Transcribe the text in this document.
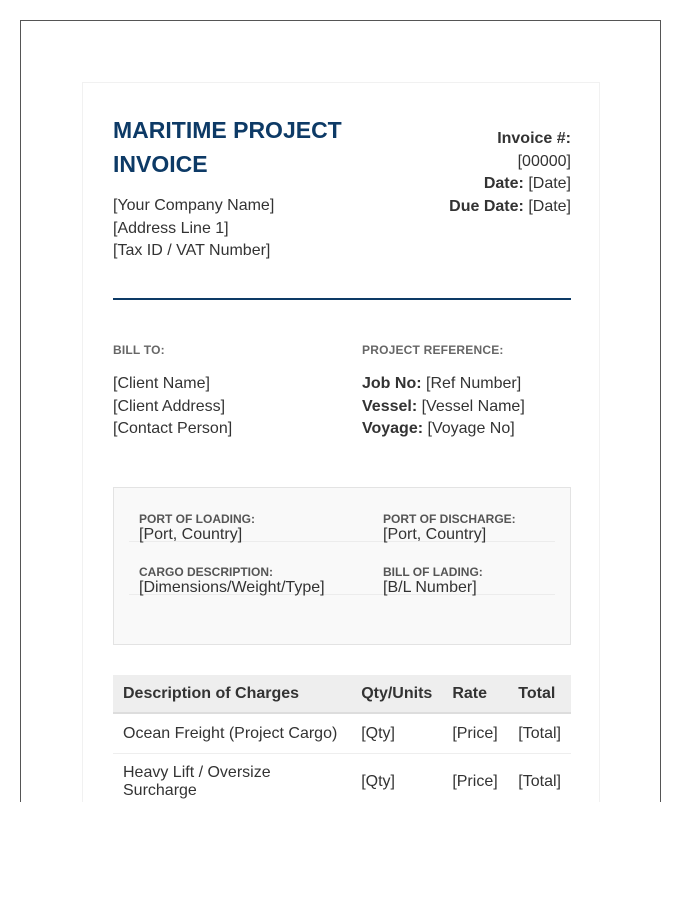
MARITIME PROJECT INVOICE
[Your Company Name]
[Address Line 1]
[Tax ID / VAT Number]
Invoice #:
[00000]
Date: [Date]
Due Date: [Date]
BILL TO:
[Client Name]
[Client Address]
[Contact Person]
PROJECT REFERENCE:
Job No: [Ref Number]
Vessel: [Vessel Name]
Voyage: [Voyage No]
PORT OF LOADING:
[Port, Country]
PORT OF DISCHARGE:
[Port, Country]
CARGO DESCRIPTION:
[Dimensions/Weight/Type]
BILL OF LADING:
[B/L Number]
Description of Charges	Qty/Units	Rate	Total
Ocean Freight (Project Cargo)	[Qty]	[Price]	[Total]
Heavy Lift / Oversize Surcharge	[Qty]	[Price]	[Total]
